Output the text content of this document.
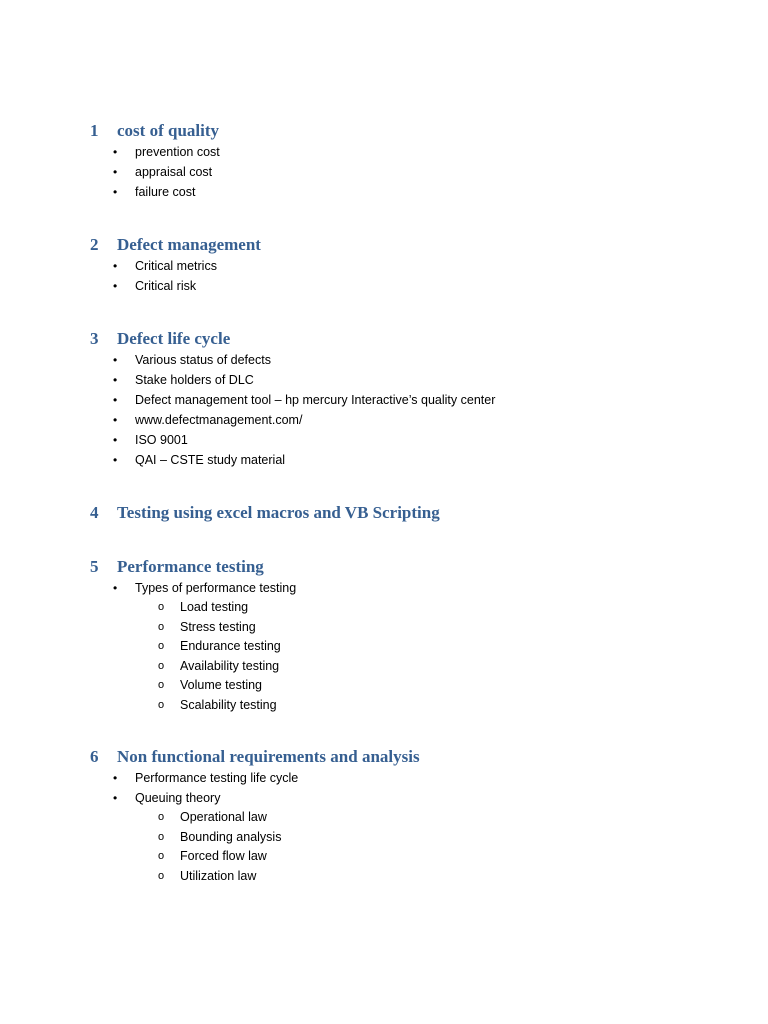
1	cost of quality
• prevention cost
• appraisal cost
• failure cost
2	Defect management
• Critical metrics
• Critical risk
3	Defect life cycle
• Various status of defects
• Stake holders of DLC
• Defect management tool – hp mercury Interactive’s quality center
• www.defectmanagement.com/
• ISO 9001
• QAI – CSTE study material
4	Testing using excel macros and VB Scripting
5	Performance testing
• Types of performance testing
o Load testing
o Stress testing
o Endurance testing
o Availability testing
o Volume testing
o Scalability testing
6	Non functional requirements and analysis
• Performance testing life cycle
• Queuing theory
o Operational law
o Bounding analysis
o Forced flow law
o Utilization law
